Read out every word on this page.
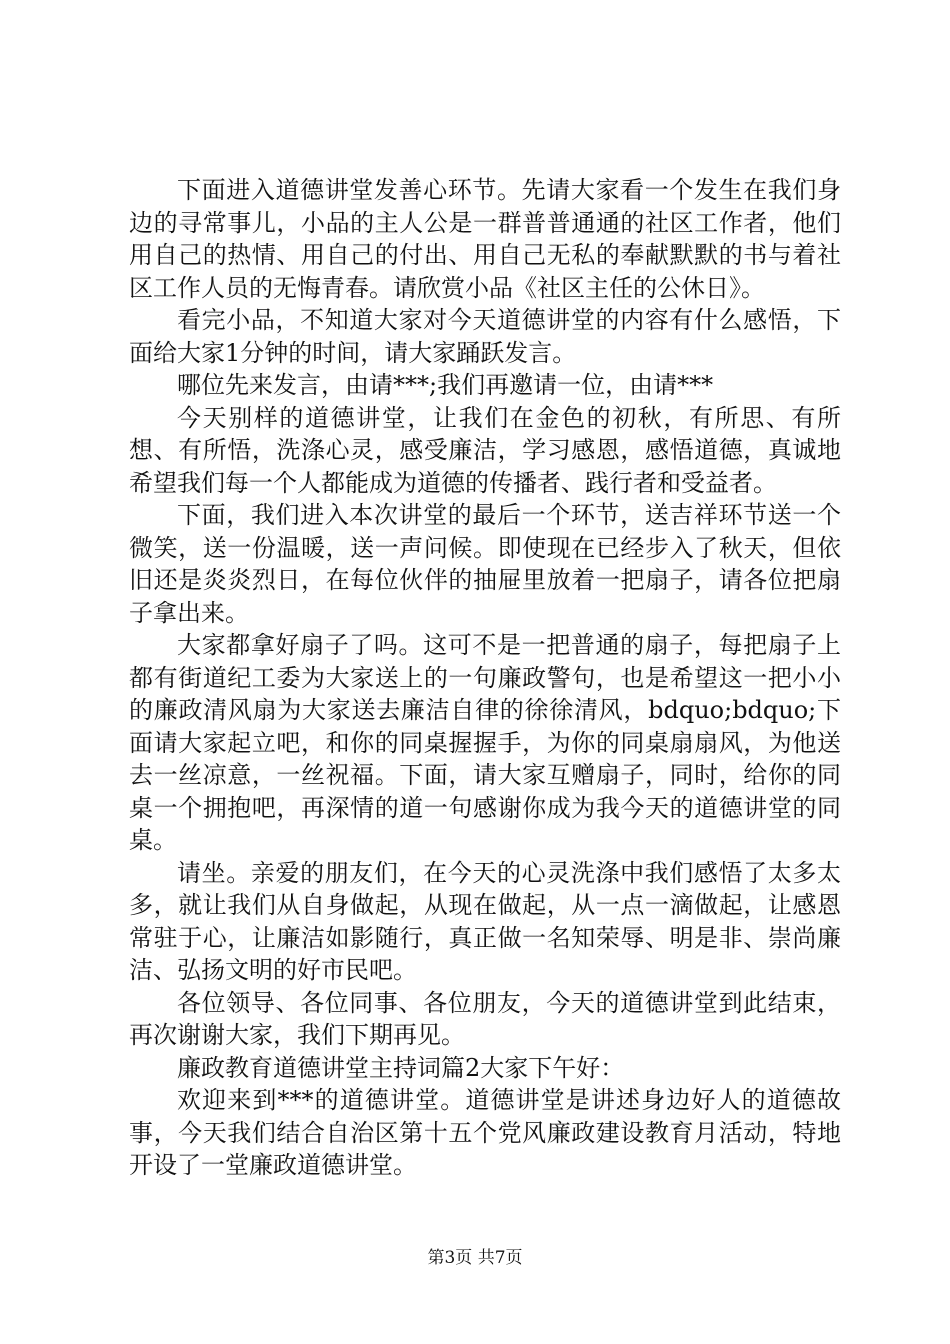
下面进入道德讲堂发善心环节。先请大家看一个发生在我们身边的寻常事儿，小品的主人公是一群普普通通的社区工作者，他们用自己的热情、用自己的付出、用自己无私的奉献默默的书与着社区工作人员的无悔青春。请欣赏小品《社区主任的公休日》。

看完小品，不知道大家对今天道德讲堂的内容有什么感悟，下面给大家1分钟的时间，请大家踊跃发言。

哪位先来发言，由请***;我们再邀请一位，由请***

今天别样的道德讲堂，让我们在金色的初秋，有所思、有所想、有所悟，洗涤心灵，感受廉洁，学习感恩，感悟道德，真诚地希望我们每一个人都能成为道德的传播者、践行者和受益者。

下面，我们进入本次讲堂的最后一个环节，送吉祥环节送一个微笑，送一份温暖，送一声问候。即使现在已经步入了秋天，但依旧还是炎炎烈日，在每位伙伴的抽屉里放着一把扇子，请各位把扇子拿出来。

大家都拿好扇子了吗。这可不是一把普通的扇子，每把扇子上都有街道纪工委为大家送上的一句廉政警句，也是希望这一把小小的廉政清风扇为大家送去廉洁自律的徐徐清风，bdquo;bdquo;下面请大家起立吧，和你的同桌握握手，为你的同桌扇扇风，为他送去一丝凉意，一丝祝福。下面，请大家互赠扇子，同时，给你的同桌一个拥抱吧，再深情的道一句感谢你成为我今天的道德讲堂的同桌。

请坐。亲爱的朋友们，在今天的心灵洗涤中我们感悟了太多太多，就让我们从自身做起，从现在做起，从一点一滴做起，让感恩常驻于心，让廉洁如影随行，真正做一名知荣辱、明是非、崇尚廉洁、弘扬文明的好市民吧。

各位领导、各位同事、各位朋友，今天的道德讲堂到此结束，再次谢谢大家，我们下期再见。

廉政教育道德讲堂主持词篇2大家下午好：

欢迎来到***的道德讲堂。道德讲堂是讲述身边好人的道德故事，今天我们结合自治区第十五个党风廉政建设教育月活动，特地开设了一堂廉政道德讲堂。

第3页 共7页
